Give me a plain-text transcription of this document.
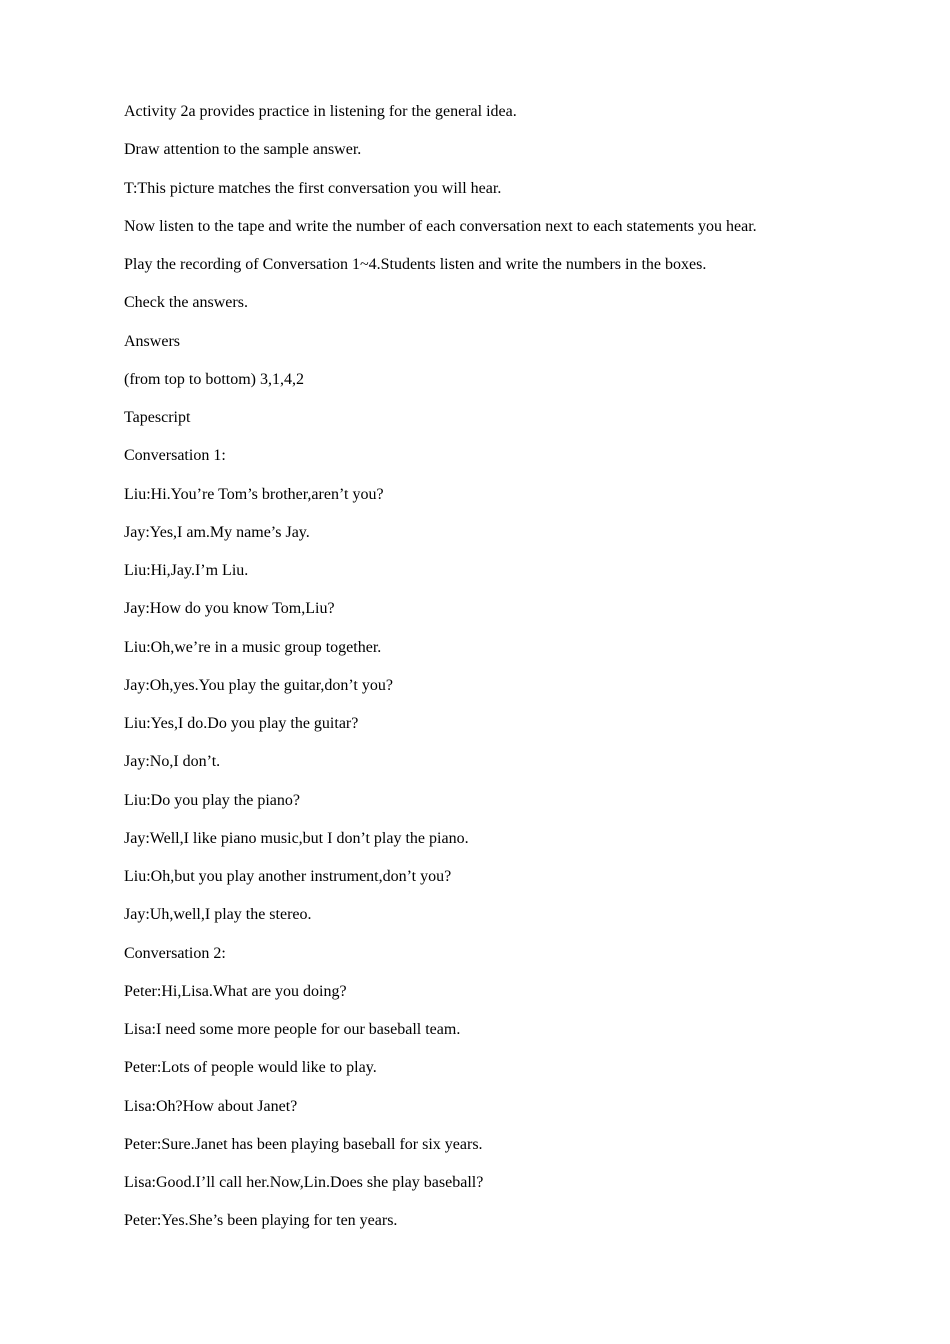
Activity 2a provides practice in listening for the general idea.

Draw attention to the sample answer.

T:This picture matches the first conversation you will hear.

Now listen to the tape and write the number of each conversation next to each statements you hear.

Play the recording of Conversation 1~4.Students listen and write the numbers in the boxes.

Check the answers.

Answers

(from top to bottom) 3,1,4,2

Tapescript

Conversation 1:

Liu:Hi.You’re Tom’s brother,aren’t you?

Jay:Yes,I am.My name’s Jay.

Liu:Hi,Jay.I’m Liu.

Jay:How do you know Tom,Liu?

Liu:Oh,we’re in a music group together.

Jay:Oh,yes.You play the guitar,don’t you?

Liu:Yes,I do.Do you play the guitar?

Jay:No,I don’t.

Liu:Do you play the piano?

Jay:Well,I like piano music,but I don’t play the piano.

Liu:Oh,but you play another instrument,don’t you?

Jay:Uh,well,I play the stereo.

Conversation 2:

Peter:Hi,Lisa.What are you doing?

Lisa:I need some more people for our baseball team.

Peter:Lots of people would like to play.

Lisa:Oh?How about Janet?

Peter:Sure.Janet has been playing baseball for six years.

Lisa:Good.I’ll call her.Now,Lin.Does she play baseball?

Peter:Yes.She’s been playing for ten years.
